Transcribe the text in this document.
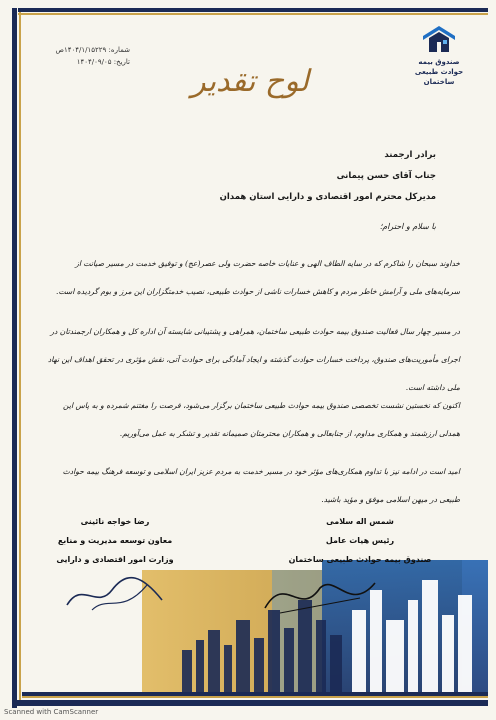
صندوق بیمه
حوادث طبیعی
ساختمان
شماره: ۱۴۰۴/۱/۱۵۲۲۹ص
تاریخ: ۱۴۰۴/۰۹/۰۵
لوح تقدیر
برادر ارجمند
جناب آقای حسن پیمانی
مدیرکل محترم امور اقتصادی و دارایی استان همدان
با سلام و احترام؛
خداوند سبحان را شاکرم که در سایه الطاف الهی و عنایات خاصه حضرت ولی عصر(عج) و توفیق خدمت در مسیر صیانت از سرمایه‌های ملی و آرامش خاطر مردم و کاهش خسارات ناشی از حوادث طبیعی، نصیب خدمتگزاران این مرز و بوم گردیده است.
در مسیر چهار سال فعالیت صندوق بیمه حوادث طبیعی ساختمان، همراهی و پشتیبانی شایسته آن اداره کل و همکاران ارجمندتان در اجرای مأموریت‌های صندوق، پرداخت خسارات حوادث گذشته و ایجاد آمادگی برای حوادث آتی، نقش مؤثری در تحقق اهداف این نهاد ملی داشته است.
اکنون که نخستین نشست تخصصی صندوق بیمه حوادث طبیعی ساختمان برگزار می‌شود، فرصت را مغتنم شمرده و به پاس این همدلی ارزشمند و همکاری مداوم، از جنابعالی و همکاران محترمتان صمیمانه تقدیر و تشکر به عمل می‌آوریم.
امید است در ادامه نیز با تداوم همکاری‌های مؤثر خود در مسیر خدمت به مردم عزیز ایران اسلامی و توسعه فرهنگ بیمه حوادث طبیعی در میهن اسلامی موفق و مؤید باشید.
رضا خواجه نائینی
معاون توسعه مدیریت و منابع
وزارت امور اقتصادی و دارایی
شمس اله سلامی
رئیس هیات عامل
صندوق بیمه حوادث طبیعی ساختمان
Scanned with CamScanner
